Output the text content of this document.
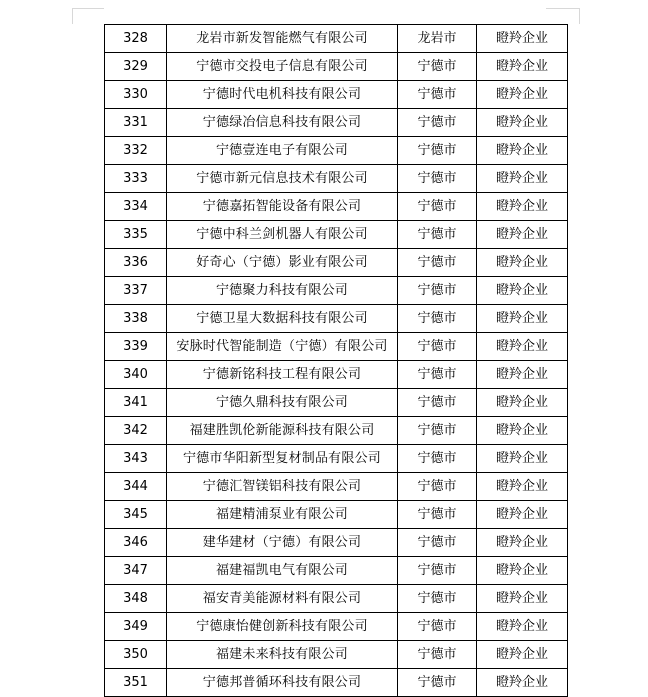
328	龙岩市新发智能燃气有限公司	龙岩市	瞪羚企业
329	宁德市交投电子信息有限公司	宁德市	瞪羚企业
330	宁德时代电机科技有限公司	宁德市	瞪羚企业
331	宁德绿冶信息科技有限公司	宁德市	瞪羚企业
332	宁德壹连电子有限公司	宁德市	瞪羚企业
333	宁德市新元信息技术有限公司	宁德市	瞪羚企业
334	宁德嘉拓智能设备有限公司	宁德市	瞪羚企业
335	宁德中科兰剑机器人有限公司	宁德市	瞪羚企业
336	好奇心（宁德）影业有限公司	宁德市	瞪羚企业
337	宁德聚力科技有限公司	宁德市	瞪羚企业
338	宁德卫星大数据科技有限公司	宁德市	瞪羚企业
339	安脉时代智能制造（宁德）有限公司	宁德市	瞪羚企业
340	宁德新铭科技工程有限公司	宁德市	瞪羚企业
341	宁德久鼎科技有限公司	宁德市	瞪羚企业
342	福建胜凯伦新能源科技有限公司	宁德市	瞪羚企业
343	宁德市华阳新型复材制品有限公司	宁德市	瞪羚企业
344	宁德汇智镁铝科技有限公司	宁德市	瞪羚企业
345	福建精浦泵业有限公司	宁德市	瞪羚企业
346	建华建材（宁德）有限公司	宁德市	瞪羚企业
347	福建福凯电气有限公司	宁德市	瞪羚企业
348	福安青美能源材料有限公司	宁德市	瞪羚企业
349	宁德康怡健创新科技有限公司	宁德市	瞪羚企业
350	福建未来科技有限公司	宁德市	瞪羚企业
351	宁德邦普循环科技有限公司	宁德市	瞪羚企业
